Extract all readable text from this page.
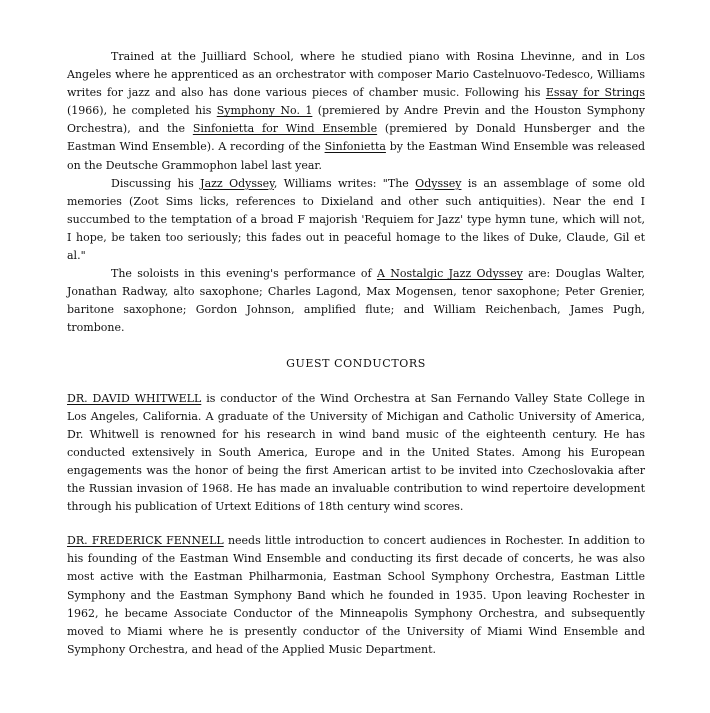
Trained at the Juilliard School, where he studied piano with Rosina Lhevinne, and in Los Angeles where he apprenticed as an orchestrator with composer Mario Castelnuovo-Tedesco, Williams writes for jazz and also has done various pieces of chamber music. Following his Essay for Strings (1966), he completed his Symphony No. 1 (premiered by Andre Previn and the Houston Symphony Orchestra), and the Sinfonietta for Wind Ensemble (premiered by Donald Hunsberger and the Eastman Wind Ensemble). A recording of the Sinfonietta by the Eastman Wind Ensemble was released on the Deutsche Grammophon label last year.

Discussing his Jazz Odyssey, Williams writes: "The Odyssey is an assemblage of some old memories (Zoot Sims licks, references to Dixieland and other such antiquities). Near the end I succumbed to the temptation of a broad F majorish 'Requiem for Jazz' type hymn tune, which will not, I hope, be taken too seriously; this fades out in peaceful homage to the likes of Duke, Claude, Gil et al."

The soloists in this evening's performance of A Nostalgic Jazz Odyssey are: Douglas Walter, Jonathan Radway, alto saxophone; Charles Lagond, Max Mogensen, tenor saxophone; Peter Grenier, baritone saxophone; Gordon Johnson, amplified flute; and William Reichenbach, James Pugh, trombone.

GUEST CONDUCTORS

DR. DAVID WHITWELL is conductor of the Wind Orchestra at San Fernando Valley State College in Los Angeles, California. A graduate of the University of Michigan and Catholic University of America, Dr. Whitwell is renowned for his research in wind band music of the eighteenth century. He has conducted extensively in South America, Europe and in the United States. Among his European engagements was the honor of being the first American artist to be invited into Czechoslovakia after the Russian invasion of 1968. He has made an invaluable contribution to wind repertoire development through his publication of Urtext Editions of 18th century wind scores.

DR. FREDERICK FENNELL needs little introduction to concert audiences in Rochester. In addition to his founding of the Eastman Wind Ensemble and conducting its first decade of concerts, he was also most active with the Eastman Philharmonia, Eastman School Symphony Orchestra, Eastman Little Symphony and the Eastman Symphony Band which he founded in 1935. Upon leaving Rochester in 1962, he became Associate Conductor of the Minneapolis Symphony Orchestra, and subsequently moved to Miami where he is presently conductor of the University of Miami Wind Ensemble and Symphony Orchestra, and head of the Applied Music Department.
